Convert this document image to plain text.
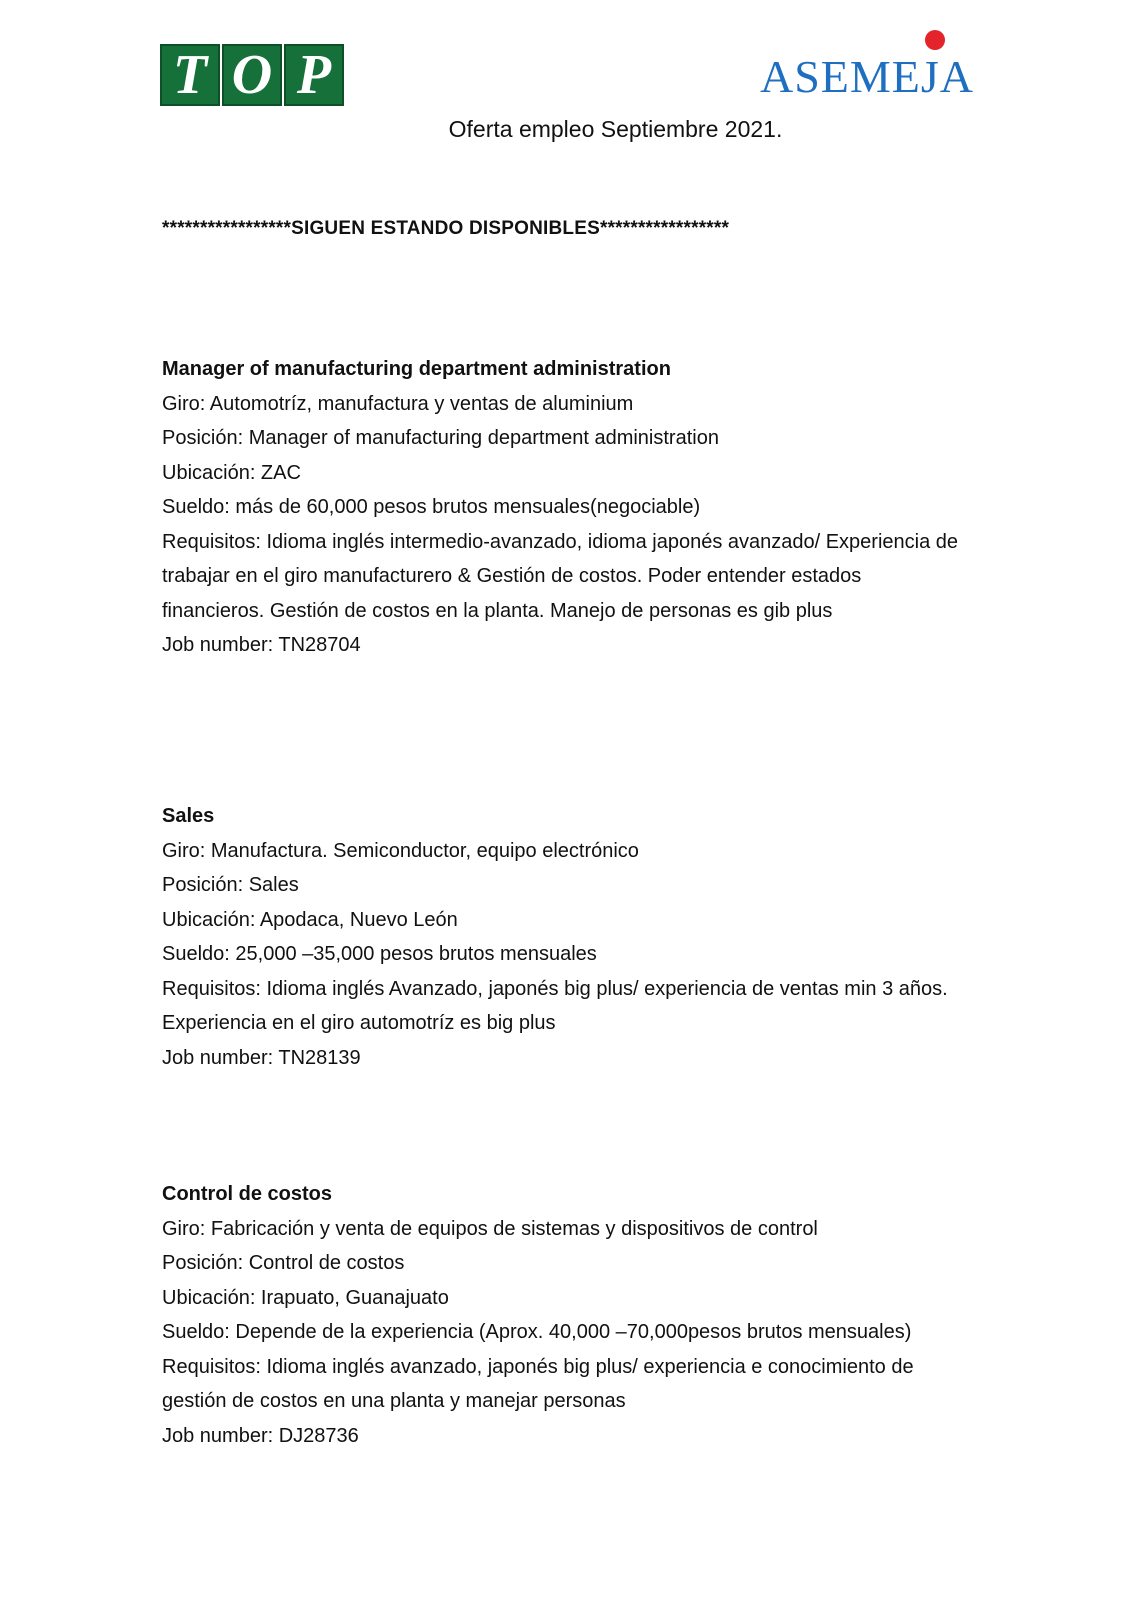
T O P	ASEMEJA
Oferta empleo Septiembre 2021.
*****************SIGUEN ESTANDO DISPONIBLES*****************
Manager of manufacturing department administration

Giro: Automotríz, manufactura y ventas de aluminium

Posición: Manager of manufacturing department administration

Ubicación: ZAC

Sueldo: más de 60,000 pesos brutos mensuales(negociable)

Requisitos: Idioma inglés intermedio-avanzado, idioma japonés avanzado/ Experiencia de trabajar en el giro manufacturero & Gestión de costos. Poder entender estados financieros. Gestión de costos en la planta. Manejo de personas es gib plus

Job number: TN28704

Sales

Giro: Manufactura. Semiconductor, equipo electrónico

Posición: Sales

Ubicación: Apodaca, Nuevo León

Sueldo: 25,000 –35,000 pesos brutos mensuales

Requisitos: Idioma inglés Avanzado, japonés big plus/ experiencia de ventas min 3 años. Experiencia en el giro automotríz es big plus

Job number: TN28139

Control de costos

Giro: Fabricación y venta de equipos de sistemas y dispositivos de control

Posición: Control de costos

Ubicación: Irapuato, Guanajuato

Sueldo: Depende de la experiencia (Aprox. 40,000 –70,000pesos brutos mensuales)

Requisitos: Idioma inglés avanzado, japonés big plus/ experiencia e conocimiento de gestión de costos en una planta y manejar personas

Job number: DJ28736
